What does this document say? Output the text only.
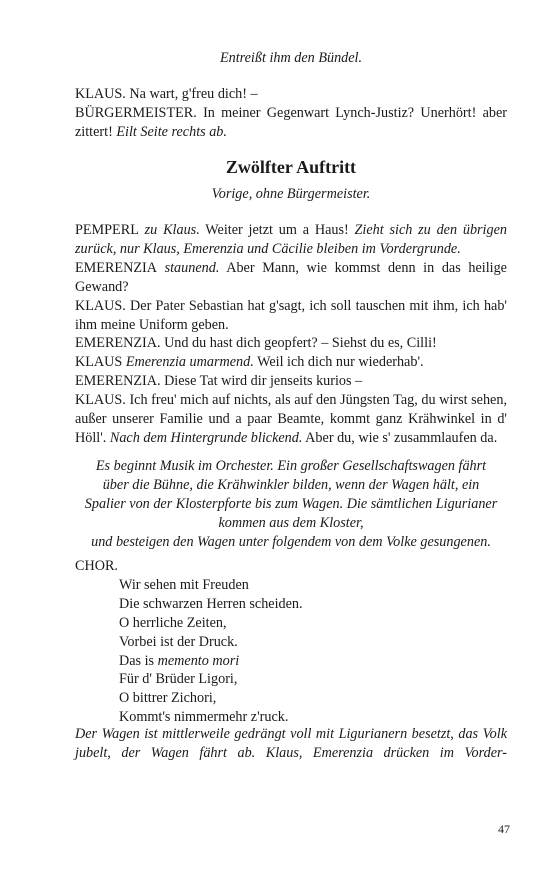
Entreißt ihm den Bündel.

KLAUS. Na wart, g'freu dich! –

BÜRGERMEISTER. In meiner Gegenwart Lynch-Justiz? Unerhört! aber zittert! Eilt Seite rechts ab.

Zwölfter Auftritt

Vorige, ohne Bürgermeister.

PEMPERL zu Klaus. Weiter jetzt um a Haus! Zieht sich zu den übrigen zurück, nur Klaus, Emerenzia und Cäcilie bleiben im Vordergrunde.

EMERENZIA staunend. Aber Mann, wie kommst denn in das heilige Gewand?

KLAUS. Der Pater Sebastian hat g'sagt, ich soll tauschen mit ihm, ich hab' ihm meine Uniform geben.

EMERENZIA. Und du hast dich geopfert? – Siehst du es, Cilli!

KLAUS Emerenzia umarmend. Weil ich dich nur wiederhab'.

EMERENZIA. Diese Tat wird dir jenseits kurios –

KLAUS. Ich freu' mich auf nichts, als auf den Jüngsten Tag, du wirst sehen, außer unserer Familie und a paar Beamte, kommt ganz Krähwinkel in d' Höll'. Nach dem Hintergrunde blickend. Aber du, wie s' zusammlaufen da.

Es beginnt Musik im Orchester. Ein großer Gesellschaftswagen fährt

über die Bühne, die Krähwinkler bilden, wenn der Wagen hält, ein

Spalier von der Klosterpforte bis zum Wagen. Die sämtlichen Ligurianer

kommen aus dem Kloster,

und besteigen den Wagen unter folgendem von dem Volke gesungenen.

CHOR.

Wir sehen mit Freuden

Die schwarzen Herren scheiden.

O herrliche Zeiten,

Vorbei ist der Druck.

Das is memento mori

Für d' Brüder Ligori,

O bittrer Zichori,

Kommt's nimmermehr z'ruck.

Der Wagen ist mittlerweile gedrängt voll mit Ligurianern besetzt, das Volk jubelt, der Wagen fährt ab. Klaus, Emerenzia drücken im Vorder-

47
